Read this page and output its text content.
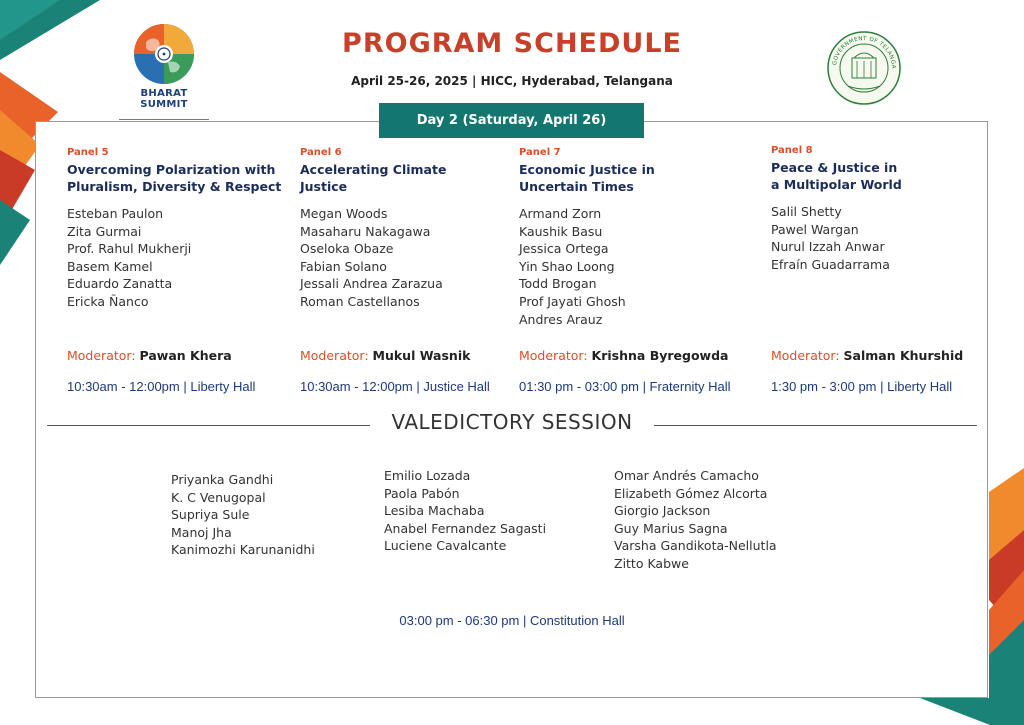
BHARAT SUMMIT
GOVERNMENT OF TELANGA
PROGRAM SCHEDULE
April 25-26, 2025 | HICC, Hyderabad, Telangana
Day 2 (Saturday, April 26)
Panel 5
Overcoming Polarization with
Pluralism, Diversity & Respect
Esteban Paulon
Zita Gurmai
Prof. Rahul Mukherji
Basem Kamel
Eduardo Zanatta
Ericka Ñanco
Moderator: Pawan Khera
10:30am - 12:00pm | Liberty Hall
Panel 6
Accelerating Climate
Justice
Megan Woods
Masaharu Nakagawa
Oseloka Obaze
Fabian Solano
Jessali Andrea Zarazua
Roman Castellanos
Moderator: Mukul Wasnik
10:30am - 12:00pm | Justice Hall
Panel 7
Economic Justice in
Uncertain Times
Armand Zorn
Kaushik Basu
Jessica Ortega
Yin Shao Loong
Todd Brogan
Prof Jayati Ghosh
Andres Arauz
Moderator: Krishna Byregowda
01:30 pm - 03:00 pm | Fraternity Hall
Panel 8
Peace & Justice in
a Multipolar World
Salil Shetty
Pawel Wargan
Nurul Izzah Anwar
Efraín Guadarrama
Moderator: Salman Khurshid
1:30 pm - 3:00 pm | Liberty Hall
VALEDICTORY SESSION
Priyanka Gandhi
K. C Venugopal
Supriya Sule
Manoj Jha
Kanimozhi Karunanidhi
Emilio Lozada
Paola Pabón
Lesiba Machaba
Anabel Fernandez Sagasti
Luciene Cavalcante
Omar Andrés Camacho
Elizabeth Gómez Alcorta
Giorgio Jackson
Guy Marius Sagna
Varsha Gandikota-Nellutla
Zitto Kabwe
03:00 pm - 06:30 pm | Constitution Hall
